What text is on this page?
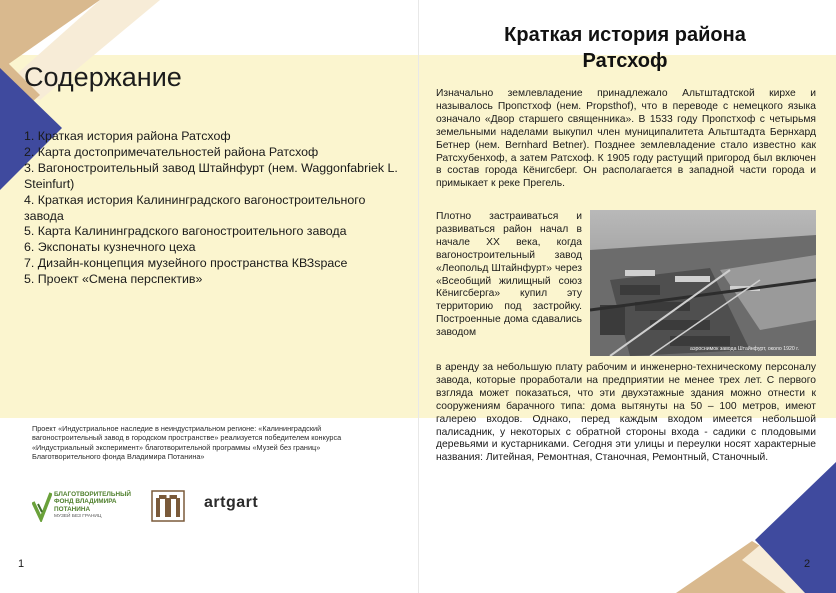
Содержание
1. Краткая история района Ратсхоф
2. Карта достопримечательностей района Ратсхоф
3. Вагоностроительный завод Штайнфурт (нем. Waggonfabriek L. Steinfurt)
4. Краткая история Калининградского вагоностроительного завода
5. Карта Калининградского вагоностроительного завода
6. Экспонаты кузнечного цеха
7. Дизайн-концепция музейного пространства КВЗspace
5. Проект «Смена перспектив»

Проект «Индустриальное наследие в неиндустриальном регионе: «Калининградский вагоностроительный завод в городском пространстве» реализуется победителем конкурса «Индустриальный эксперимент» благотворительной программы «Музей без границ» Благотворительного фонда Владимира Потанина»

БЛАГОТВОРИТЕЛЬНЫЙ
ФОНД ВЛАДИМИРА
ПОТАНИНА
МУЗЕЙ БЕЗ ГРАНИЦ
artgart
1
Краткая история района Ратсхоф

Изначально землевладение принадлежало Альтштадтской кирхе и называлось Пропстхоф (нем. Propsthof), что в переводе с немецкого языка означало «Двор старшего священника». В 1533 году Пропстхоф с четырьмя земельными наделами выкупил член муниципалитета Альтштадта Бернхард Бетнер (нем. Bernhard Betner). Позднее землевладение стало известно как Ратсхубенхоф, а затем Ратсхоф. К 1905 году растущий пригород был включен в состав города Кёнигсберг. Он располагается в западной части города и примыкает к реке Прегель.

Плотно застраиваться и развиваться район начал в начале XX века, когда вагоностроительный завод «Леопольд Штайнфурт» через «Всеобщий жилищный союз Кёнигсберга» купил эту территорию под застройку. Построенные дома сдавались заводом

аэроснимок завода Штайнфурт, около 1920 г.

в аренду за небольшую плату рабочим и инженерно-техническому персоналу завода, которые проработали на предприятии не менее трех лет. С первого взгляда может показаться, что эти двухэтажные здания можно отнести к сооружениям барачного типа: дома вытянуты на 50 – 100 метров, имеют галерею входов. Однако, перед каждым входом имеется небольшой палисадник, у некоторых с обратной стороны входа - садики с плодовыми деревьями и кустарниками. Сегодня эти улицы и переулки носят характерные названия: Литейная, Ремонтная, Станочная, Ремонтный, Станочный.

2
